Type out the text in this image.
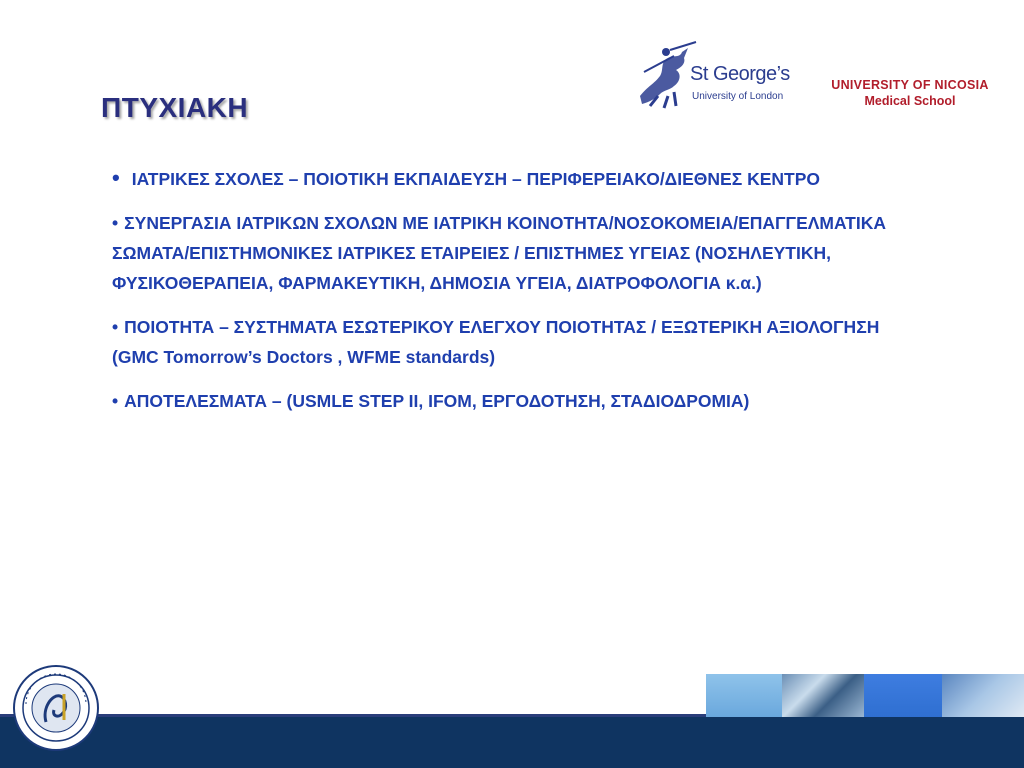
St George’s
University of London
UNIVERSITY OF NICOSIA
Medical School
ΠΤΥΧΙΑΚΗ

• ΙΑΤΡΙΚΕΣ ΣΧΟΛΕΣ – ΠΟΙΟΤΙΚΗ ΕΚΠΑΙΔΕΥΣΗ – ΠΕΡΙΦΕΡΕΙΑΚΟ/ΔΙΕΘΝΕΣ ΚΕΝΤΡΟ

• ΣΥΝΕΡΓΑΣΙΑ ΙΑΤΡΙΚΩΝ ΣΧΟΛΩΝ ΜΕ ΙΑΤΡΙΚΗ ΚΟΙΝΟΤΗΤΑ/ΝΟΣΟΚΟΜΕΙΑ/ΕΠΑΓΓΕΛΜΑΤΙΚΑ ΣΩΜΑΤΑ/ΕΠΙΣΤΗΜΟΝΙΚΕΣ ΙΑΤΡΙΚΕΣ ΕΤΑΙΡΕΙΕΣ / ΕΠΙΣΤΗΜΕΣ ΥΓΕΙΑΣ (ΝΟΣΗΛΕΥΤΙΚΗ, ΦΥΣΙΚΟΘΕΡΑΠΕΙΑ, ΦΑΡΜΑΚΕΥΤΙΚΗ, ΔΗΜΟΣΙΑ ΥΓΕΙΑ, ΔΙΑΤΡΟΦΟΛΟΓΙΑ κ.α.)

• ΠΟΙΟΤΗΤΑ – ΣΥΣΤΗΜΑΤΑ ΕΣΩΤΕΡΙΚΟΥ ΕΛΕΓΧΟΥ ΠΟΙΟΤΗΤΑΣ / ΕΞΩΤΕΡΙΚΗ ΑΞΙΟΛΟΓΗΣΗ (GMC Tomorrow’s Doctors , WFME standards)

• ΑΠΟΤΕΛΕΣΜΑΤΑ – (USMLE STEP II, IFOM, ΕΡΓΟΔΟΤΗΣΗ, ΣΤΑΔΙΟΔΡΟΜΙΑ)
